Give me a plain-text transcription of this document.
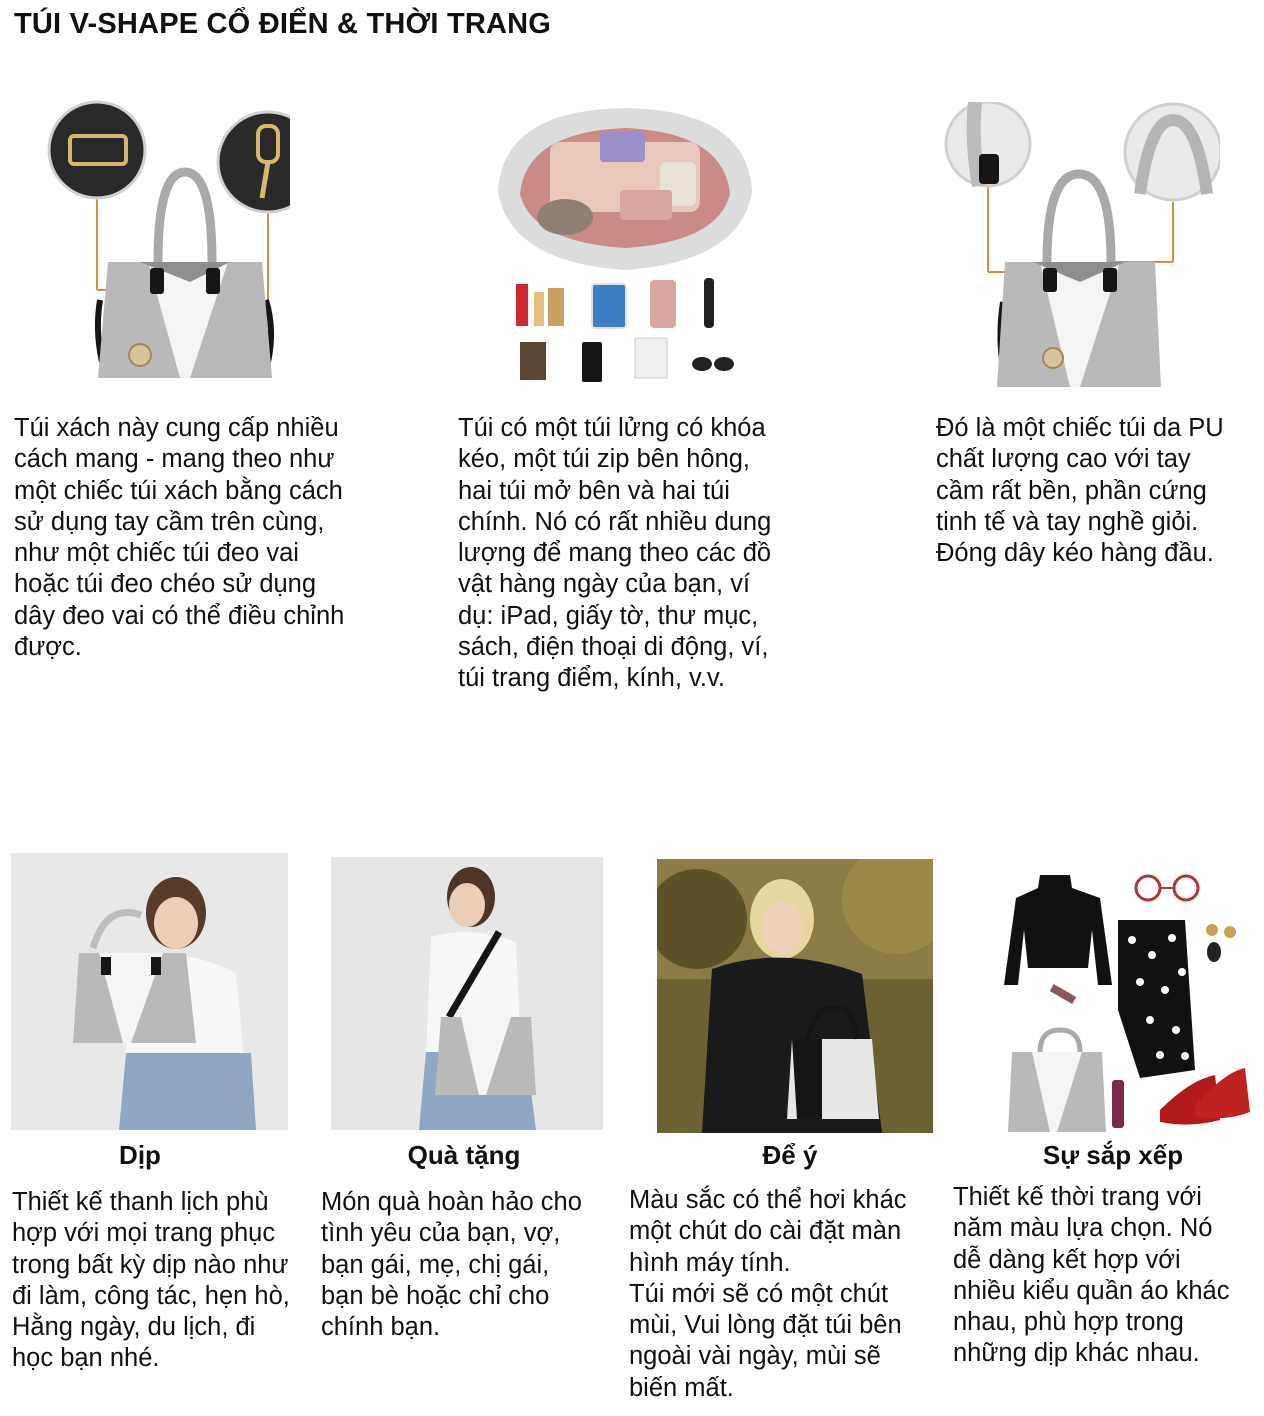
TÚI V-SHAPE CỔ ĐIỂN & THỜI TRANG

Túi xách này cung cấp nhiều
cách mang - mang theo như
một chiếc túi xách bằng cách
sử dụng tay cầm trên cùng,
như một chiếc túi đeo vai
hoặc túi đeo chéo sử dụng
dây đeo vai có thể điều chỉnh
được.

Túi có một túi lửng có khóa
kéo, một túi zip bên hông,
hai túi mở bên và hai túi
chính. Nó có rất nhiều dung
lượng để mang theo các đồ
vật hàng ngày của bạn, ví
dụ: iPad, giấy tờ, thư mục,
sách, điện thoại di động, ví,
túi trang điểm, kính, v.v.

Đó là một chiếc túi da PU
chất lượng cao với tay
cầm rất bền, phần cứng
tinh tế và tay nghề giỏi.
Đóng dây kéo hàng đầu.

Dịp

Thiết kế thanh lịch phù
hợp với mọi trang phục
trong bất kỳ dịp nào như
đi làm, công tác, hẹn hò,
Hằng ngày, du lịch, đi
học bạn nhé.

Quà tặng

Món quà hoàn hảo cho
tình yêu của bạn, vợ,
bạn gái, mẹ, chị gái,
bạn bè hoặc chỉ cho
chính bạn.

Để ý

Màu sắc có thể hơi khác
một chút do cài đặt màn
hình máy tính.
Túi mới sẽ có một chút
mùi, Vui lòng đặt túi bên
ngoài vài ngày, mùi sẽ
biến mất.

Sự sắp xếp

Thiết kế thời trang với
năm màu lựa chọn. Nó
dễ dàng kết hợp với
nhiều kiểu quần áo khác
nhau, phù hợp trong
những dịp khác nhau.
